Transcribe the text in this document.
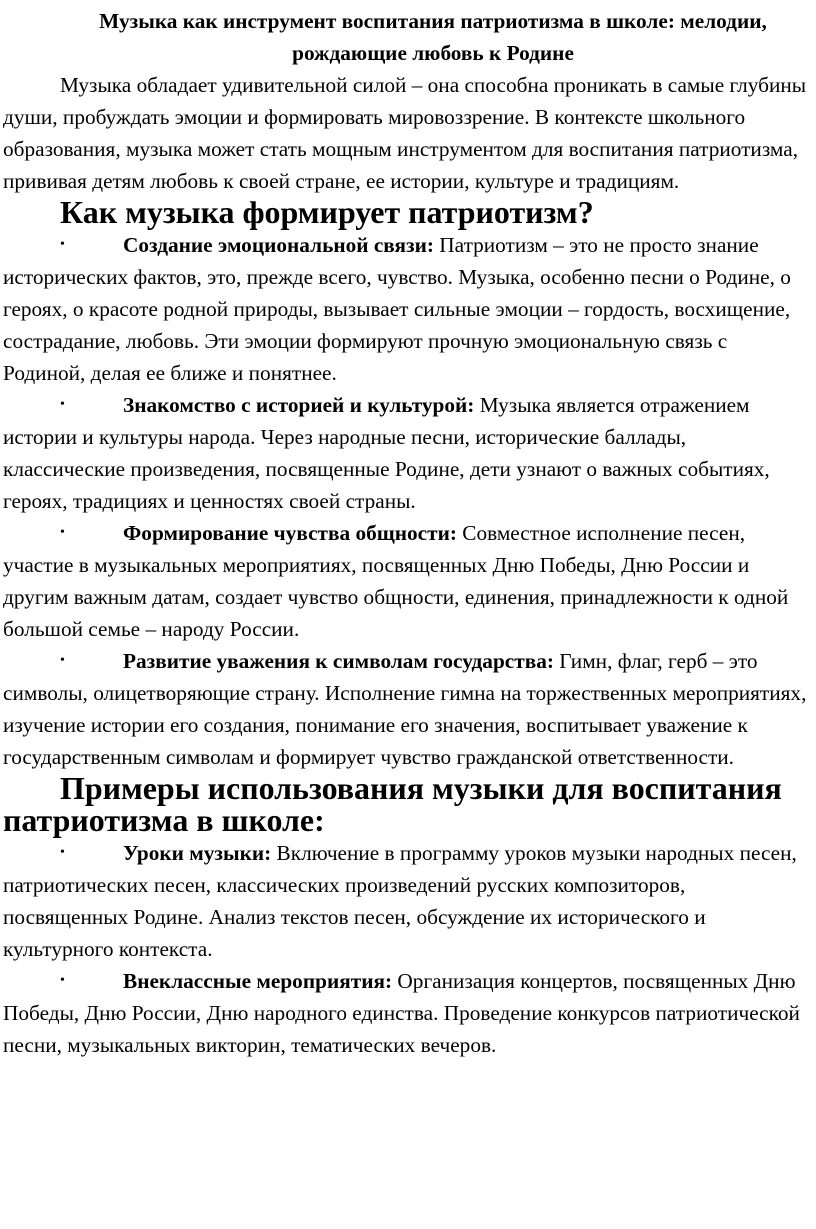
Музыка как инструмент воспитания патриотизма в школе: мелодии, рождающие любовь к Родине

Музыка обладает удивительной силой – она способна проникать в самые глубины души, пробуждать эмоции и формировать мировоззрение. В контексте школьного образования, музыка может стать мощным инструментом для воспитания патриотизма, прививая детям любовь к своей стране, ее истории, культуре и традициям.

Как музыка формирует патриотизм?
•	Создание эмоциональной связи: Патриотизм – это не просто знание исторических фактов, это, прежде всего, чувство. Музыка, особенно песни о Родине, о героях, о красоте родной природы, вызывает сильные эмоции – гордость, восхищение, сострадание, любовь. Эти эмоции формируют прочную эмоциональную связь с Родиной, делая ее ближе и понятнее.
•	Знакомство с историей и культурой: Музыка является отражением истории и культуры народа. Через народные песни, исторические баллады, классические произведения, посвященные Родине, дети узнают о важных событиях, героях, традициях и ценностях своей страны.
•	Формирование чувства общности: Совместное исполнение песен, участие в музыкальных мероприятиях, посвященных Дню Победы, Дню России и другим важным датам, создает чувство общности, единения, принадлежности к одной большой семье – народу России.
•	Развитие уважения к символам государства: Гимн, флаг, герб – это символы, олицетворяющие страну. Исполнение гимна на торжественных мероприятиях, изучение истории его создания, понимание его значения, воспитывает уважение к государственным символам и формирует чувство гражданской ответственности.
Примеры использования музыки для воспитания патриотизма в школе:
•	Уроки музыки: Включение в программу уроков музыки народных песен, патриотических песен, классических произведений русских композиторов, посвященных Родине. Анализ текстов песен, обсуждение их исторического и культурного контекста.
•	Внеклассные мероприятия: Организация концертов, посвященных Дню Победы, Дню России, Дню народного единства. Проведение конкурсов патриотической песни, музыкальных викторин, тематических вечеров.
